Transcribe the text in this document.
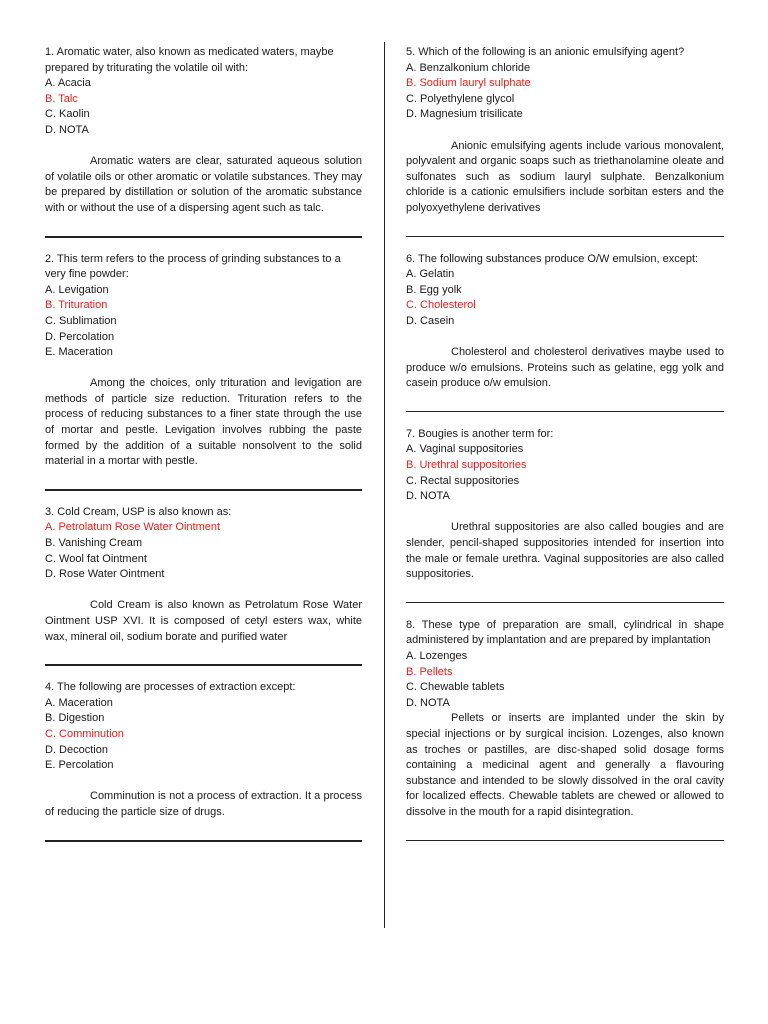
1. Aromatic water, also known as medicated waters, maybe prepared by triturating the volatile oil with:

A. Acacia

B. Talc

C. Kaolin

D. NOTA

Aromatic waters are clear, saturated aqueous solution of volatile oils or other aromatic or volatile substances. They may be prepared by distillation or solution of the aromatic substance with or without the use of a dispersing agent such as talc.

2. This term refers to the process of grinding substances to a very fine powder:

A. Levigation

B. Trituration

C. Sublimation

D. Percolation

E. Maceration

Among the choices, only trituration and levigation are methods of particle size reduction. Trituration refers to the process of reducing substances to a finer state through the use of mortar and pestle. Levigation involves rubbing the paste formed by the addition of a suitable nonsolvent to the solid material in a mortar with pestle.

3. Cold Cream, USP is also known as:

A. Petrolatum Rose Water Ointment

B. Vanishing Cream

C. Wool fat Ointment

D. Rose Water Ointment

Cold Cream is also known as Petrolatum Rose Water Ointment USP XVI. It is composed of cetyl esters wax, white wax, mineral oil, sodium borate and purified water

4. The following are processes of extraction except:

A. Maceration

B. Digestion

C. Comminution

D. Decoction

E. Percolation

Comminution is not a process of extraction. It a process of reducing the particle size of drugs.

5. Which of the following is an anionic emulsifying agent?

A. Benzalkonium chloride

B. Sodium lauryl sulphate

C. Polyethylene glycol

D. Magnesium trisilicate

Anionic emulsifying agents include various monovalent, polyvalent and organic soaps such as triethanolamine oleate and sulfonates such as sodium lauryl sulphate. Benzalkonium chloride is a cationic emulsifiers include sorbitan esters and the polyoxyethylene derivatives

6. The following substances produce O/W emulsion, except:

A. Gelatin

B. Egg yolk

C. Cholesterol

D. Casein

Cholesterol and cholesterol derivatives maybe used to produce w/o emulsions. Proteins such as gelatine, egg yolk and casein produce o/w emulsion.

7. Bougies is another term for:

A. Vaginal suppositories

B. Urethral suppositories

C. Rectal suppositories

D. NOTA

Urethral suppositories are also called bougies and are slender, pencil-shaped suppositories intended for insertion into the male or female urethra. Vaginal suppositories are also called suppositories.

8. These type of preparation are small, cylindrical in shape administered by implantation and are prepared by implantation

A. Lozenges

B. Pellets

C. Chewable tablets

D. NOTA

Pellets or inserts are implanted under the skin by special injections or by surgical incision. Lozenges, also known as troches or pastilles, are disc-shaped solid dosage forms containing a medicinal agent and generally a flavouring substance and intended to be slowly dissolved in the oral cavity for localized effects. Chewable tablets are chewed or allowed to dissolve in the mouth for a rapid disintegration.
